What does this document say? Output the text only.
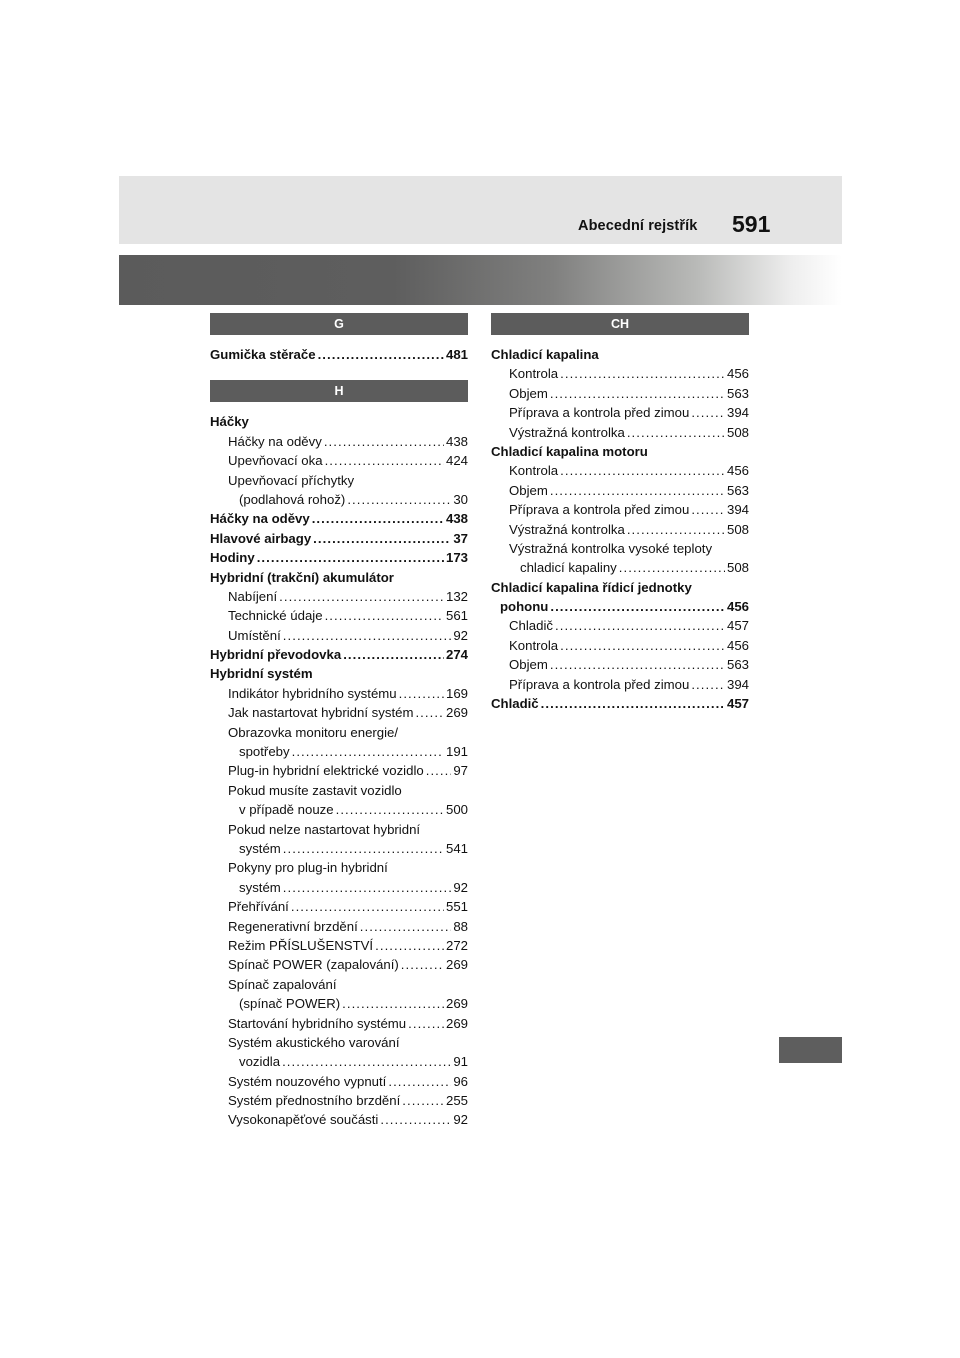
Abecední rejstřík 591
G
Gumička stěrače . . .	481
H
Háčky
Háčky na oděvy . . .	438
Upevňovací oka . . .	424
Upevňovací příchytky
(podlahová rohož) . . .	30
Háčky na oděvy . . .	438
Hlavové airbagy . . .	37
Hodiny . . .	173
Hybridní (trakční) akumulátor
Nabíjení . . .	132
Technické údaje . . .	561
Umístění . . .	92
Hybridní převodovka . . .	274
Hybridní systém
Indikátor hybridního systému . . .	169
Jak nastartovat hybridní systém . . . 269
Obrazovka monitoru energie/
spotřeby . . .	191
Plug-in hybridní elektrické vozidlo . . . 97
Pokud musíte zastavit vozidlo
v případě nouze . . .	500
Pokud nelze nastartovat hybridní
systém . . .	541
Pokyny pro plug-in hybridní
systém . . .	92
Přehřívání . . .	551
Regenerativní brzdění . . .	88
Režim PŘÍSLUŠENSTVÍ . . .	272
Spínač POWER (zapalování) . . .	269
Spínač zapalování
(spínač POWER) . . .	269
Startování hybridního systému . . .	269
Systém akustického varování
vozidla . . .	91
Systém nouzového vypnutí . . .	96
Systém přednostního brzdění . . .	255
Vysokonapěťové součásti . . .	92
CH
Chladicí kapalina
Kontrola . . .	456
Objem . . .	563
Příprava a kontrola před zimou . . .	394
Výstražná kontrolka . . .	508
Chladicí kapalina motoru
Kontrola . . .	456
Objem . . .	563
Příprava a kontrola před zimou . . .	394
Výstražná kontrolka . . .	508
Výstražná kontrolka vysoké teploty
chladicí kapaliny . . .	508
Chladicí kapalina řídicí jednotky
pohonu . . .	456
Chladič . . .	457
Kontrola . . .	456
Objem . . .	563
Příprava a kontrola před zimou . . .	394
Chladič . . .	457
